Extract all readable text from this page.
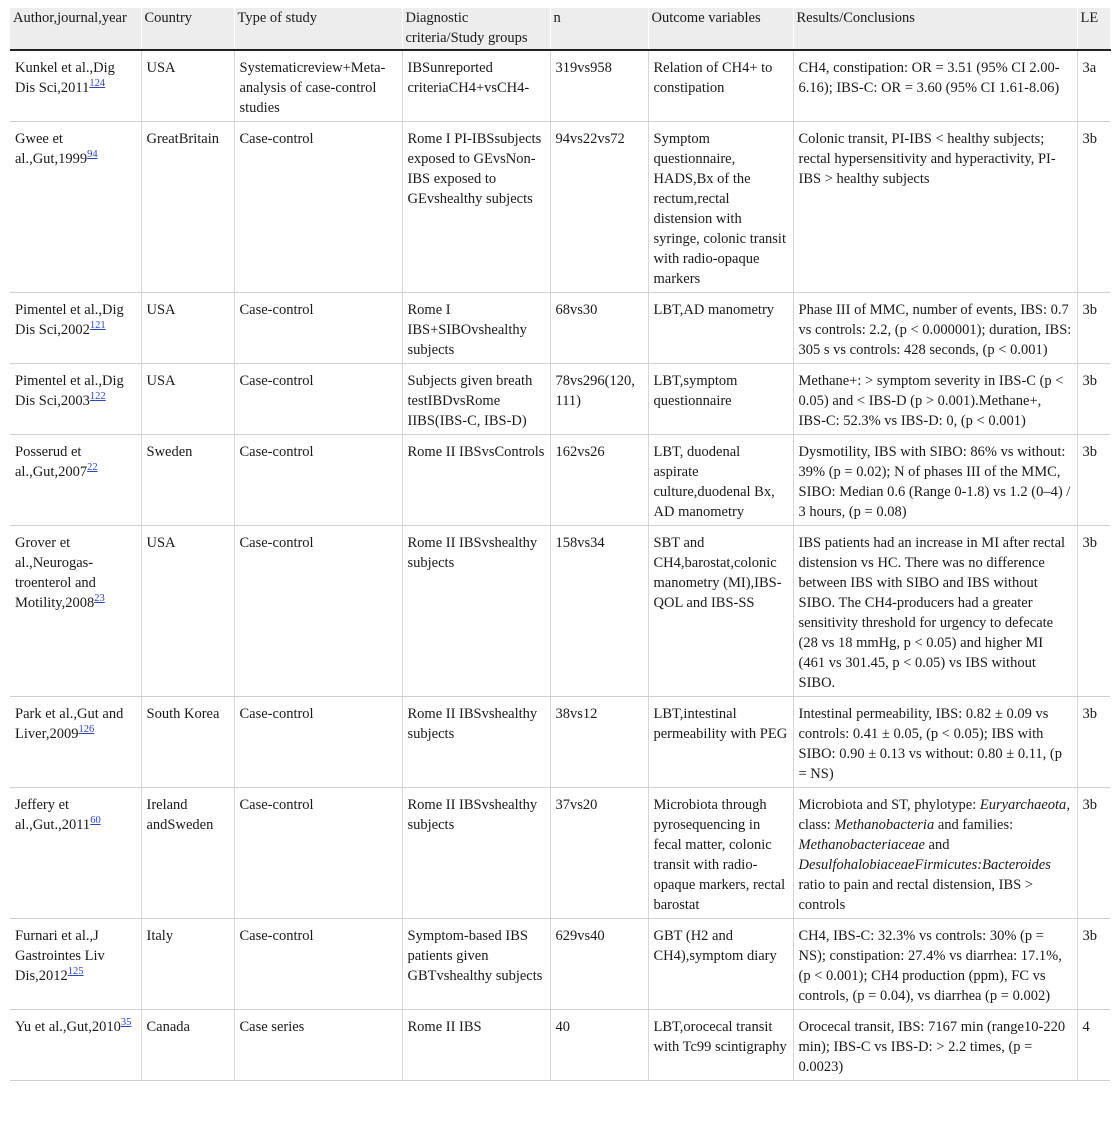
Author,journal,year	Country	Type of study	Diagnostic criteria/Study groups	n	Outcome variables	Results/Conclusions	LE
Kunkel et al.,Dig Dis Sci,2011$^{124}$	USA	Systematicreview+Meta-analysis of case-control studies	IBSunreported criteriaCH4+vsCH4-	319vs958	Relation of CH4+ to constipation	CH4, constipation: OR = 3.51 (95% CI 2.00-6.16); IBS-C: OR = 3.60 (95% CI 1.61-8.06)	3a
Gwee et al.,Gut,1999$^{94}$	GreatBritain	Case-control	Rome I PI-IBSsubjects exposed to GEvsNon-IBS exposed to GEvshealthy subjects	94vs22vs72	Symptom questionnaire, HADS,Bx of the rectum,rectal distension with syringe, colonic transit with radio-opaque markers	Colonic transit, PI-IBS < healthy subjects; rectal hypersensitivity and hyperactivity, PI-IBS > healthy subjects	3b
Pimentel et al.,Dig Dis Sci,2002$^{121}$	USA	Case-control	Rome I IBS+SIBOvshealthy subjects	68vs30	LBT,AD manometry	Phase III of MMC, number of events, IBS: 0.7 vs controls: 2.2, (p < 0.000001); duration, IBS: 305 s vs controls: 428 seconds, (p < 0.001)	3b
Pimentel et al.,Dig Dis Sci,2003$^{122}$	USA	Case-control	Subjects given breath testIBDvsRome IIBS(IBS-C, IBS-D)	78vs296(120, 111)	LBT,symptom questionnaire	Methane+: > symptom severity in IBS-C (p < 0.05) and < IBS-D (p > 0.001).Methane+, IBS-C: 52.3% vs IBS-D: 0, (p < 0.001)	3b
Posserud et al.,Gut,2007$^{22}$	Sweden	Case-control	Rome II IBSvsControls	162vs26	LBT, duodenal aspirate culture,duodenal Bx, AD manometry	Dysmotility, IBS with SIBO: 86% vs without: 39% (p = 0.02); N of phases III of the MMC, SIBO: Median 0.6 (Range 0-1.8) vs 1.2 (0–4) / 3 hours, (p = 0.08)	3b
Grover et al.,Neurogas-troenterol and Motility,2008$^{23}$	USA	Case-control	Rome II IBSvshealthy subjects	158vs34	SBT and CH4,barostat,colonic manometry (MI),IBS-QOL and IBS-SS	IBS patients had an increase in MI after rectal distension vs HC. There was no difference between IBS with SIBO and IBS without SIBO. The CH4-producers had a greater sensitivity threshold for urgency to defecate (28 vs 18 mmHg, p < 0.05) and higher MI (461 vs 301.45, p < 0.05) vs IBS without SIBO.	3b
Park et al.,Gut and Liver,2009$^{126}$	South Korea	Case-control	Rome II IBSvshealthy subjects	38vs12	LBT,intestinal permeability with PEG	Intestinal permeability, IBS: 0.82 ± 0.09 vs controls: 0.41 ± 0.05, (p < 0.05); IBS with SIBO: 0.90 ± 0.13 vs without: 0.80 ± 0.11, (p = NS)	3b
Jeffery et al.,Gut.,2011$^{60}$	Ireland andSweden	Case-control	Rome II IBSvshealthy subjects	37vs20	Microbiota through pyrosequencing in fecal matter, colonic transit with radio-opaque markers, rectal barostat	Microbiota and ST, phylotype: Euryarchaeota, class: Methanobacteria and families: Methanobacteriaceae and DesulfohalobiaceaeFirmicutes:Bacteroides ratio to pain and rectal distension, IBS > controls	3b
Furnari et al.,J Gastrointes Liv Dis,2012$^{125}$	Italy	Case-control	Symptom-based IBS patients given GBTvshealthy subjects	629vs40	GBT (H2 and CH4),symptom diary	CH4, IBS-C: 32.3% vs controls: 30% (p = NS); constipation: 27.4% vs diarrhea: 17.1%, (p < 0.001); CH4 production (ppm), FC vs controls, (p = 0.04), vs diarrhea (p = 0.002)	3b
Yu et al.,Gut,2010$^{35}$	Canada	Case series	Rome II IBS	40	LBT,orocecal transit with Tc99 scintigraphy	Orocecal transit, IBS: 7167 min (range10-220 min); IBS-C vs IBS-D: > 2.2 times, (p = 0.0023)	4
